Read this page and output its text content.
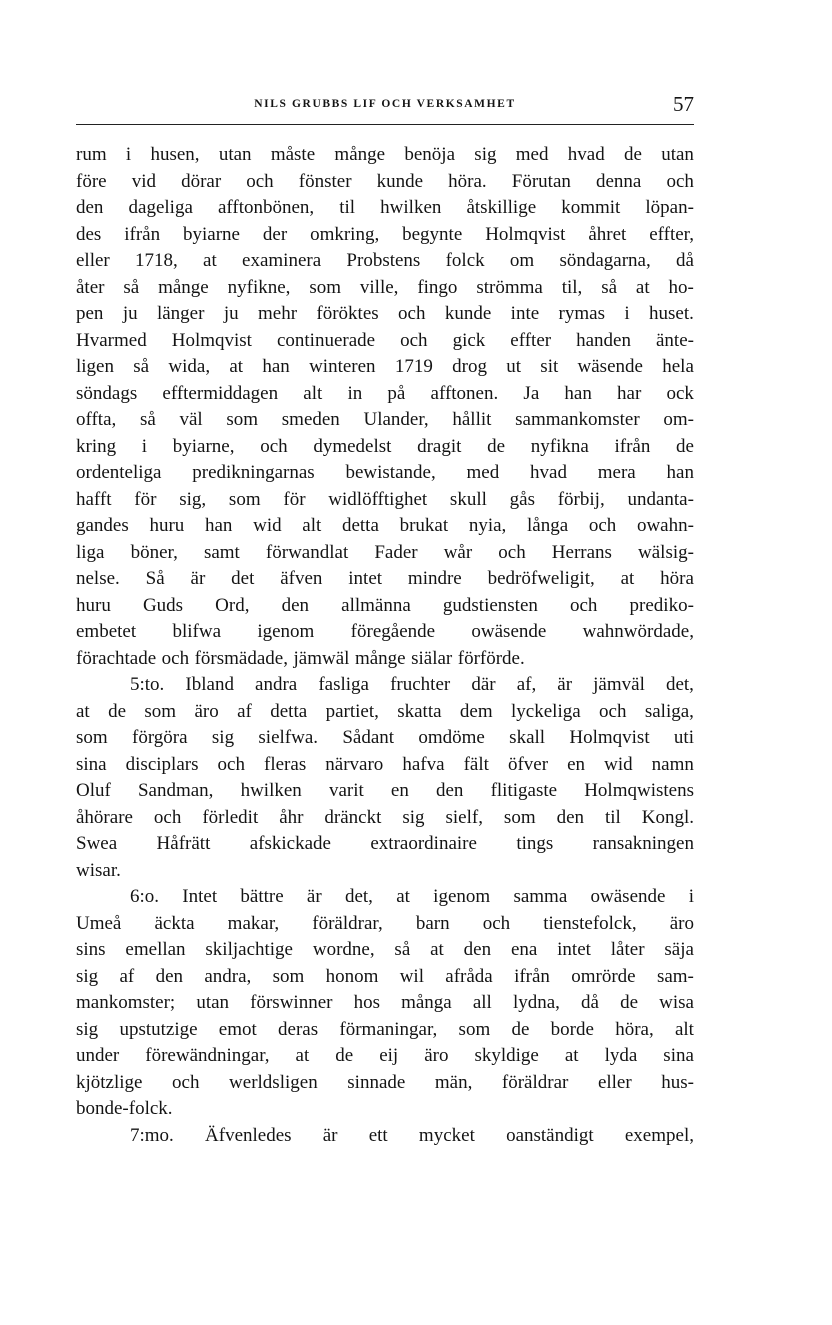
NILS GRUBBS LIF OCH VERKSAMHET	57
rum i husen, utan måste månge benöja sig med hvad de utan
före vid dörar och fönster kunde höra. Förutan denna och
den dageliga afftonbönen, til hwilken åtskillige kommit löpan-
des ifrån byiarne der omkring, begynte Holmqvist åhret effter,
eller 1718, at examinera Probstens folck om söndagarna, då
åter så månge nyfikne, som ville, fingo strömma til, så at ho-
pen ju länger ju mehr föröktes och kunde inte rymas i huset.
Hvarmed Holmqvist continuerade och gick effter handen änte-
ligen så wida, at han winteren 1719 drog ut sit wäsende hela
söndags efftermiddagen alt in på afftonen. Ja han har ock
offta, så väl som smeden Ulander, hållit sammankomster om-
kring i byiarne, och dymedelst dragit de nyfikna ifrån de
ordenteliga predikningarnas bewistande, med hvad mera han
hafft för sig, som för widlöfftighet skull gås förbij, undanta-
gandes huru han wid alt detta brukat nyia, långa och owahn-
liga böner, samt förwandlat Fader wår och Herrans wälsig-
nelse. Så är det äfven intet mindre bedröfweligit, at höra
huru Guds Ord, den allmänna gudstiensten och prediko-
embetet blifwa igenom föregående owäsende wahnwördade,
förachtade och försmädade, jämwäl månge siälar förförde.
5:to. Ibland andra fasliga fruchter där af, är jämväl det,
at de som äro af detta partiet, skatta dem lyckeliga och saliga,
som förgöra sig sielfwa. Sådant omdöme skall Holmqvist uti
sina disciplars och fleras närvaro hafva fält öfver en wid namn
Oluf Sandman, hwilken varit en den flitigaste Holmqwistens
åhörare och förledit åhr dränckt sig sielf, som den til Kongl.
Swea Håfrätt afskickade extraordinaire tings ransakningen
wisar.
6:o. Intet bättre är det, at igenom samma owäsende i
Umeå äckta makar, föräldrar, barn och tienstefolck, äro
sins emellan skiljachtige wordne, så at den ena intet låter säja
sig af den andra, som honom wil afråda ifrån omrörde sam-
mankomster; utan förswinner hos många all lydna, då de wisa
sig upstutzige emot deras förmaningar, som de borde höra, alt
under förewändningar, at de eij äro skyldige at lyda sina
kjötzlige och werldsligen sinnade män, föräldrar eller hus-
bonde-folck.
7:mo. Äfvenledes är ett mycket oanständigt exempel,
